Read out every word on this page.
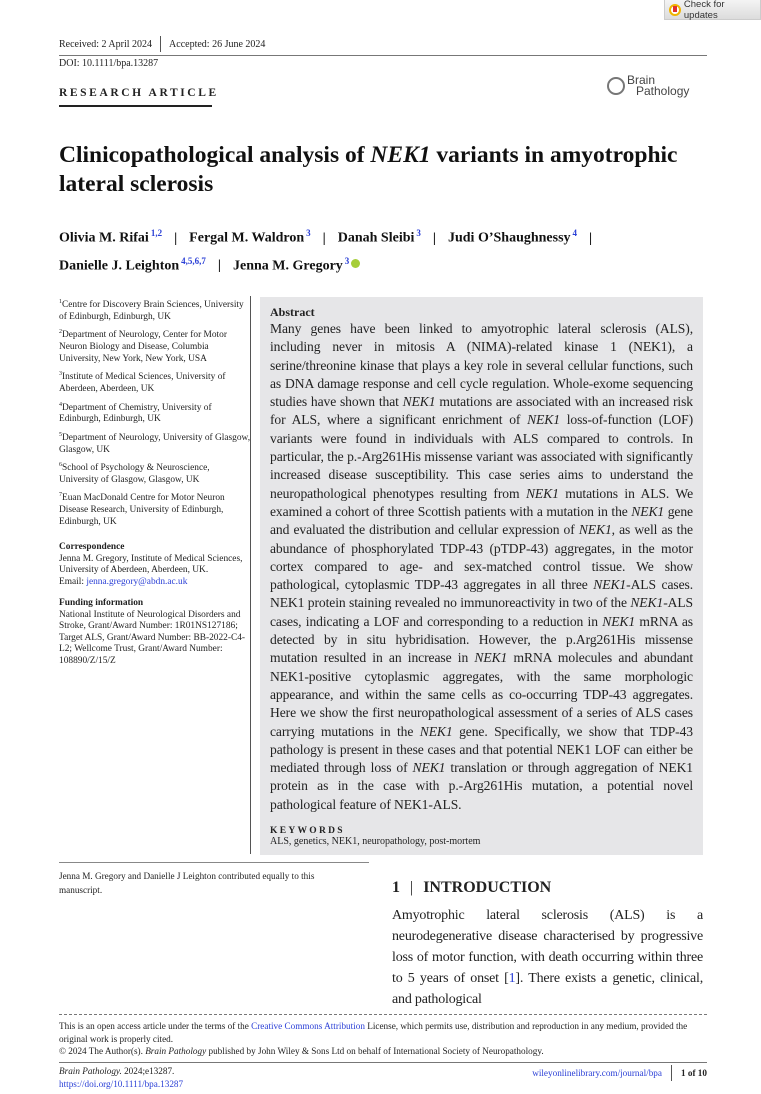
Check for updates
Received: 2 April 2024 Accepted: 26 June 2024
DOI: 10.1111/bpa.13287
RESEARCH ARTICLE
Brain
Pathology
Clinicopathological analysis of NEK1 variants in amyotrophic lateral sclerosis
Olivia M. Rifai $^{1,2}$ | Fergal M. Waldron $^3$ | Danah Sleibi $^3$ | Judi O’Shaughnessy $^4$ |
Danielle J. Leighton $^{4,5,6,7}$ | Jenna M. Gregory $^3$
$^1$Centre for Discovery Brain Sciences, University of Edinburgh, Edinburgh, UK
$^2$Department of Neurology, Center for Motor Neuron Biology and Disease, Columbia University, New York, New York, USA
$^3$Institute of Medical Sciences, University of Aberdeen, Aberdeen, UK
$^4$Department of Chemistry, University of Edinburgh, Edinburgh, UK
$^5$Department of Neurology, University of Glasgow, Glasgow, UK
$^6$School of Psychology & Neuroscience, University of Glasgow, Glasgow, UK
$^7$Euan MacDonald Centre for Motor Neuron Disease Research, University of Edinburgh, Edinburgh, UK
Correspondence
Jenna M. Gregory, Institute of Medical Sciences, University of Aberdeen, Aberdeen, UK.
Email: jenna.gregory@abdn.ac.uk
Funding information
National Institute of Neurological Disorders and Stroke, Grant/Award Number: 1R01NS127186; Target ALS, Grant/Award Number: BB-2022-C4-L2; Wellcome Trust, Grant/Award Number: 108890/Z/15/Z
Abstract

Many genes have been linked to amyotrophic lateral sclerosis (ALS), including never in mitosis A (NIMA)-related kinase 1 (NEK1), a serine/threonine kinase that plays a key role in several cellular functions, such as DNA damage response and cell cycle regulation. Whole-exome sequencing studies have shown that NEK1 mutations are associated with an increased risk for ALS, where a significant enrichment of NEK1 loss-of-function (LOF) variants were found in individuals with ALS compared to controls. In particular, the p.-Arg261His missense variant was associated with significantly increased disease susceptibility. This case series aims to understand the neuropathological phenotypes resulting from NEK1 mutations in ALS. We examined a cohort of three Scottish patients with a mutation in the NEK1 gene and evaluated the distribution and cellular expression of NEK1, as well as the abundance of phosphorylated TDP-43 (pTDP-43) aggregates, in the motor cortex compared to age- and sex-matched control tissue. We show pathological, cytoplasmic TDP-43 aggregates in all three NEK1-ALS cases. NEK1 protein staining revealed no immunoreactivity in two of the NEK1-ALS cases, indicating a LOF and corresponding to a reduction in NEK1 mRNA as detected by in situ hybridisation. However, the p.Arg261His missense mutation resulted in an increase in NEK1 mRNA molecules and abundant NEK1-positive cytoplasmic aggregates, with the same morphologic appearance, and within the same cells as co-occurring TDP-43 aggregates. Here we show the first neuropathological assessment of a series of ALS cases carrying mutations in the NEK1 gene. Specifically, we show that TDP-43 pathology is present in these cases and that potential NEK1 LOF can either be mediated through loss of NEK1 translation or through aggregation of NEK1 protein as in the case with p.-Arg261His mutation, a potential novel pathological feature of NEK1-ALS.

KEYWORDS
ALS, genetics, NEK1, neuropathology, post-mortem
1 | INTRODUCTION
Amyotrophic lateral sclerosis (ALS) is a neurodegenerative disease characterised by progressive loss of motor function, with death occurring within three to 5 years of onset [1]. There exists a genetic, clinical, and pathological
Jenna M. Gregory and Danielle J Leighton contributed equally to this manuscript.
This is an open access article under the terms of the Creative Commons Attribution License, which permits use, distribution and reproduction in any medium, provided the original work is properly cited.
© 2024 The Author(s). Brain Pathology published by John Wiley & Sons Ltd on behalf of International Society of Neuropathology.
Brain Pathology. 2024;e13287.
https://doi.org/10.1111/bpa.13287
wileyonlinelibrary.com/journal/bpa 1 of 10
